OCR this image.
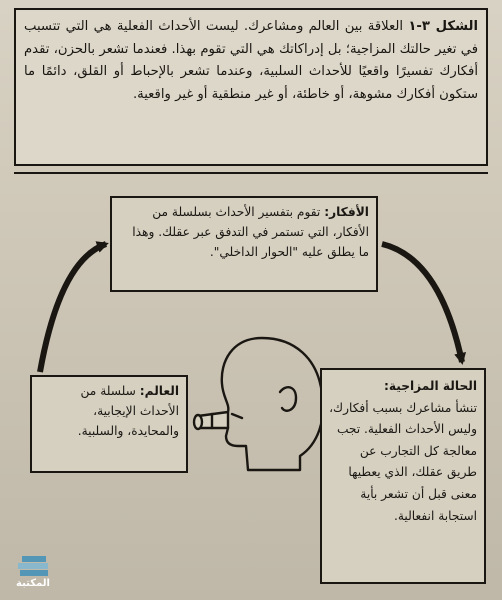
الشكل ٣-١ العلاقة بين العالم ومشاعرك. ليست الأحداث الفعلية هي التي تتسبب في تغير حالتك المزاجية؛ بل إدراكاتك هي التي تقوم بهذا. فعندما تشعر بالحزن، تقدم أفكارك تفسيرًا واقعيًا للأحداث السلبية، وعندما تشعر بالإحباط أو القلق، دائمًا ما ستكون أفكارك مشوهة، أو خاطئة، أو غير منطقية أو غير واقعية.
الأفكار: تقوم بتفسير الأحداث بسلسلة من الأفكار، التي تستمر في التدفق عبر عقلك. وهذا ما يطلق عليه "الحوار الداخلي".
العالم: سلسلة من الأحداث الإيجابية، والمحايدة، والسلبية.
الحالة المزاجية:
تنشأ مشاعرك بسبب أفكارك، وليس الأحداث الفعلية. تجب معالجة كل التجارب عن طريق عقلك، الذي يعطيها معنى قبل أن تشعر بأية استجابة انفعالية.
المكتبة
